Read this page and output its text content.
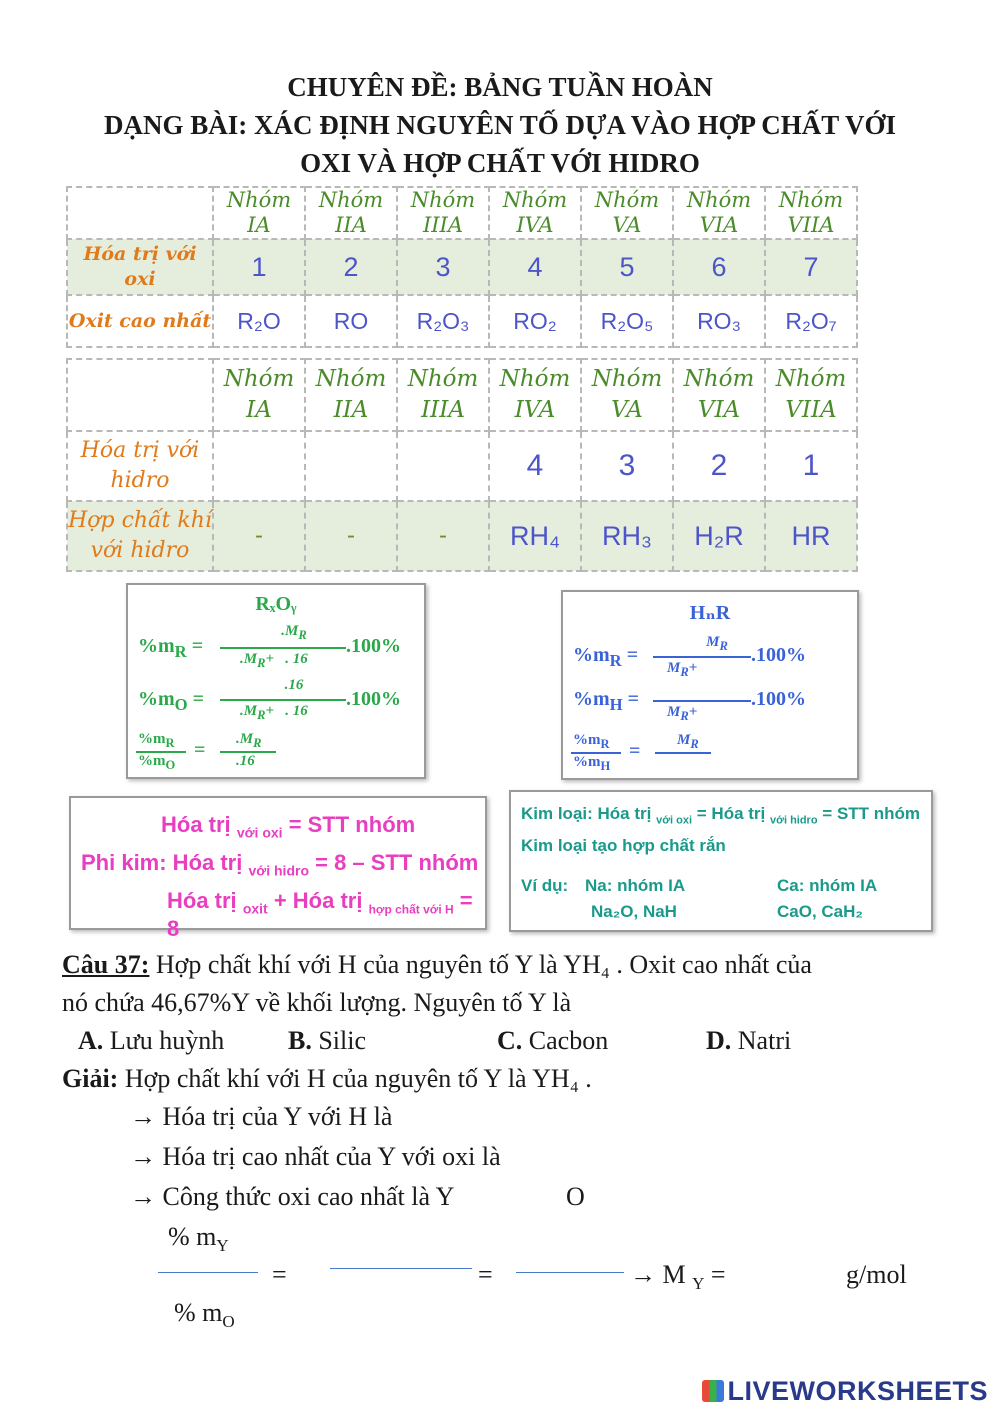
CHUYÊN ĐỀ: BẢNG TUẦN HOÀN
DẠNG BÀI: XÁC ĐỊNH NGUYÊN TỐ DỰA VÀO HỢP CHẤT VỚI
OXI VÀ HỢP CHẤT VỚI HIDRO
	Nhóm IA	Nhóm IIA	Nhóm IIIA	Nhóm IVA	Nhóm VA	Nhóm VIA	Nhóm VIIA
Hóa trị với oxi	1	2	3	4	5	6	7
Oxit cao nhất	R₂O	RO	R₂O₃	RO₂	R₂O₅	RO₃	R₂O₇
	Nhóm IA	Nhóm IIA	Nhóm IIIA	Nhóm IVA	Nhóm VA	Nhóm VIA	Nhóm VIIA
Hóa trị với hidro				4	3	2	1
Hợp chất khí với hidro	-	-	-	RH₄	RH₃	H₂R	HR
RₓOᵧ
$\%m_R$ =
$.M_R$
$.M_R+$ . 16
.100%
$\%m_O$ =
.16
$.M_R+$ . 16
.100%
$\%m_R$
$\%m_O$
= $.M_R$
.16
HₙR
$\%m_R$ =
$M_R$
$M_R+$
.100%
$\%m_H$ =
$M_R+$
.100%
$\%m_R$
$\%m_H$
= $M_R$
Hóa trị $_{với oxi}$ = STT nhóm
Phi kim: Hóa trị $_{với hidro}$ = 8 – STT nhóm
Hóa trị $_{oxit}$ + Hóa trị $_{hợp chất với H}$ = 8
Kim loại: Hóa trị $_{với oxi}$ = Hóa trị $_{với hidro}$ = STT nhóm
Kim loại tạo hợp chất rắn
Ví dụ: Na: nhóm IA
Na₂O, NaH
Ca: nhóm IA
CaO, CaH₂
Câu 37: Hợp chất khí với H của nguyên tố Y là YH₄ . Oxit cao nhất của
nó chứa 46,67%Y về khối lượng. Nguyên tố Y là
A. Lưu huỳnh B. Silic	C. Cacbon	D. Natri
Giải: Hợp chất khí với H của nguyên tố Y là YH₄ .
→ Hóa trị của Y với H là
→ Hóa trị cao nhất của Y với oxi là
→ Công thức oxi cao nhất là Y	O
% $m_Y$
=	=	→ M $_Y$ =	g/mol
% $m_O$
LIVEWORKSHEETS
